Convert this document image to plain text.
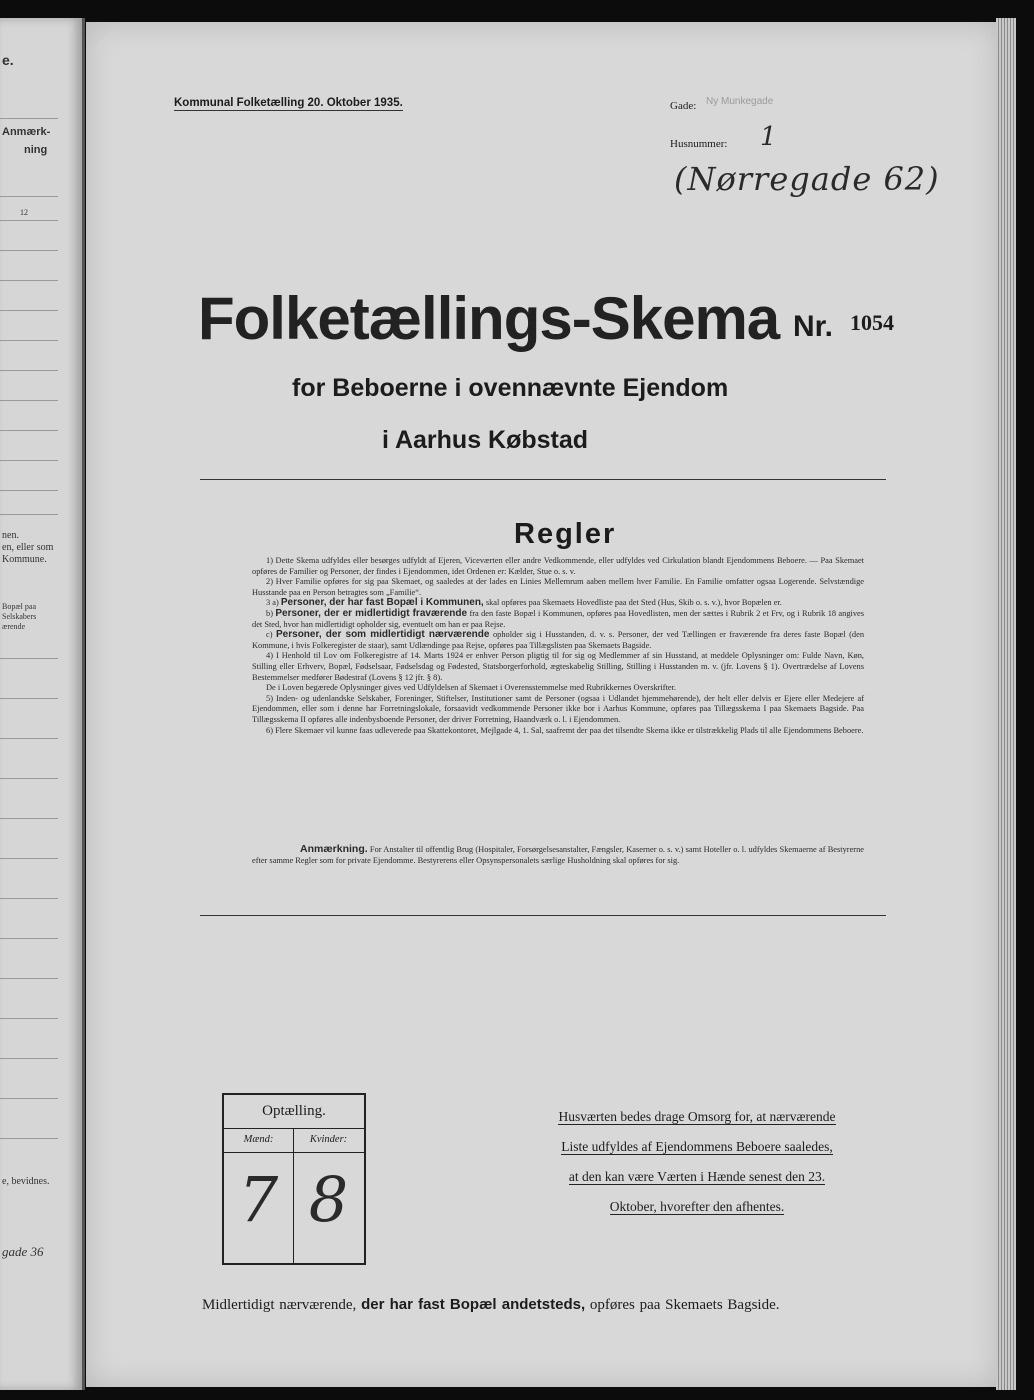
e.
Anmærk-
ning
12
nen.
en, eller som
Kommune.
Bopæl paa
Selskabers
ærende
e, bevidnes.
gade 36
Kommunal Folketælling 20. Oktober 1935.	Gade: Ny Munkegade
Husnummer: 1
(Nørregade 62)
Folketællings-Skema Nr. 1054
for Beboerne i ovennævnte Ejendom
i Aarhus Købstad
Regler

1) Dette Skema udfyldes eller besørges udfyldt af Ejeren, Viceværten eller andre Vedkommende, eller udfyldes ved Cirkulation blandt Ejendommens Beboere. — Paa Skemaet opføres de Familier og Personer, der findes i Ejendommen, idet Ordenen er: Kælder, Stue o. s. v.

2) Hver Familie opføres for sig paa Skemaet, og saaledes at der lades en Linies Mellemrum aaben mellem hver Familie. En Familie omfatter ogsaa Logerende. Selvstændige Husstande paa en Person betragtes som „Familie“.

3 a) Personer, der har fast Bopæl i Kommunen, skal opføres paa Skemaets Hovedliste paa det Sted (Hus, Skib o. s. v.), hvor Bopælen er.

b) Personer, der er midlertidigt fraværende fra den faste Bopæl i Kommunen, opføres paa Hovedlisten, men der sættes i Rubrik 2 et Frv, og i Rubrik 18 angives det Sted, hvor han midlertidigt opholder sig, eventuelt om han er paa Rejse.

c) Personer, der som midlertidigt nærværende opholder sig i Husstanden, d. v. s. Personer, der ved Tællingen er fraværende fra deres faste Bopæl (den Kommune, i hvis Folkeregister de staar), samt Udlændinge paa Rejse, opføres paa Tillægslisten paa Skemaets Bagside.

4) I Henhold til Lov om Folkeregistre af 14. Marts 1924 er enhver Person pligtig til for sig og Medlemmer af sin Husstand, at meddele Oplysninger om: Fulde Navn, Køn, Stilling eller Erhverv, Bopæl, Fødselsaar, Fødselsdag og Fødested, Statsborgerforhold, ægteskabelig Stilling, Stilling i Husstanden m. v. (jfr. Lovens § 1). Overtrædelse af Lovens Bestemmelser medfører Bødestraf (Lovens § 12 jfr. § 8).

De i Loven begærede Oplysninger gives ved Udfyldelsen af Skemaet i Overensstemmelse med Rubrikkernes Overskrifter.

5) Inden- og udenlandske Selskaber, Foreninger, Stiftelser, Institutioner samt de Personer (ogsaa i Udlandet hjemmehørende), der helt eller delvis er Ejere eller Medejere af Ejendommen, eller som i denne har Forretningslokale, forsaavidt vedkommende Personer ikke bor i Aarhus Kommune, opføres paa Tillægsskema I paa Skemaets Bagside. Paa Tillægsskema II opføres alle indenbysboende Personer, der driver Forretning, Haandværk o. l. i Ejendommen.

6) Flere Skemaer vil kunne faas udleverede paa Skattekontoret, Mejlgade 4, 1. Sal, saafremt der paa det tilsendte Skema ikke er tilstrækkelig Plads til alle Ejendommens Beboere.

Anmærkning. For Anstalter til offentlig Brug (Hospitaler, Forsørgelsesanstalter, Fængsler, Kaserner o. s. v.) samt Hoteller o. l. udfyldes Skemaerne af Bestyrerne efter samme Regler som for private Ejendomme. Bestyrerens eller Opsynspersonalets særlige Husholdning skal opføres for sig.

Optælling.
Mænd:	Kvinder:
7 8
Husværten bedes drage Omsorg for, at nærværende
Liste udfyldes af Ejendommens Beboere saaledes,
at den kan være Værten i Hænde senest den 23.
Oktober, hvorefter den afhentes.
Midlertidigt nærværende, der har fast Bopæl andetsteds, opføres paa Skemaets Bagside.
